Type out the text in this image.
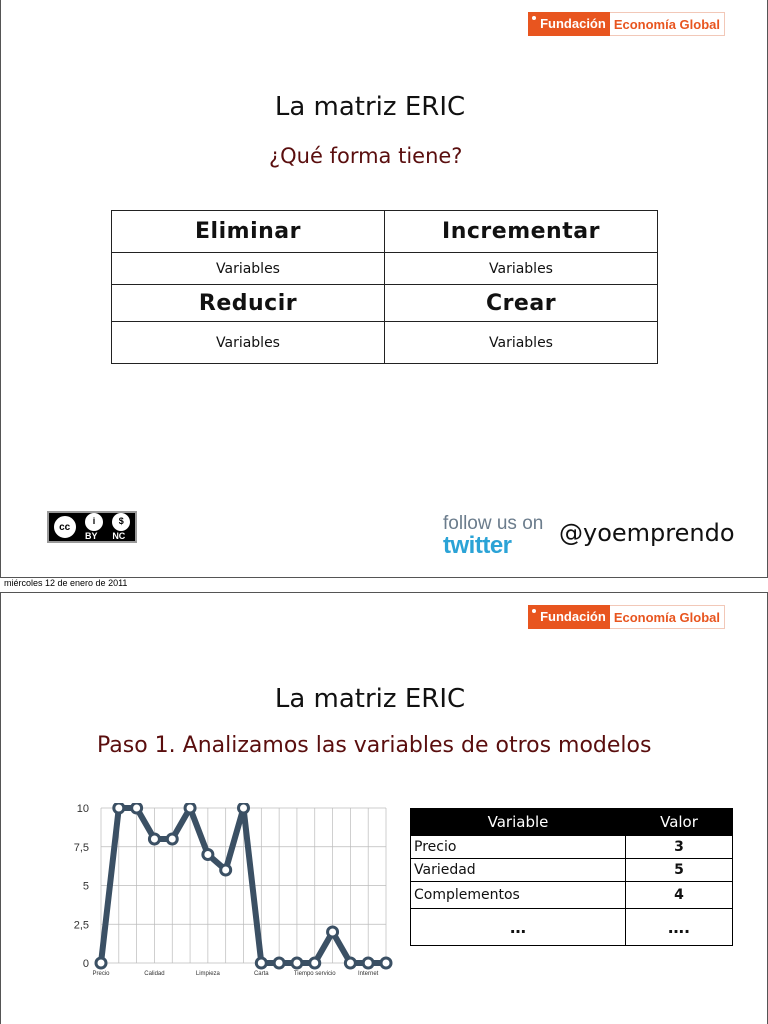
Fundación Economía Global
La matriz ERIC
¿Qué forma tiene?
Eliminar	Incrementar
Variables	Variables
Reducir	Crear
Variables	Variables
cc
i
BY
$
NC
follow us on
twitter	@yoemprendo
miércoles 12 de enero de 2011
Fundación Economía Global
La matriz ERIC
Paso 1. Analizamos las variables de otros modelos
0
2,5
5
7,5
10
Precio	Calidad	Limpieza	Carta	Tiempo servicio	Internet
Variable	Valor
Precio	3
Variedad	5
Complementos	4
…	….
